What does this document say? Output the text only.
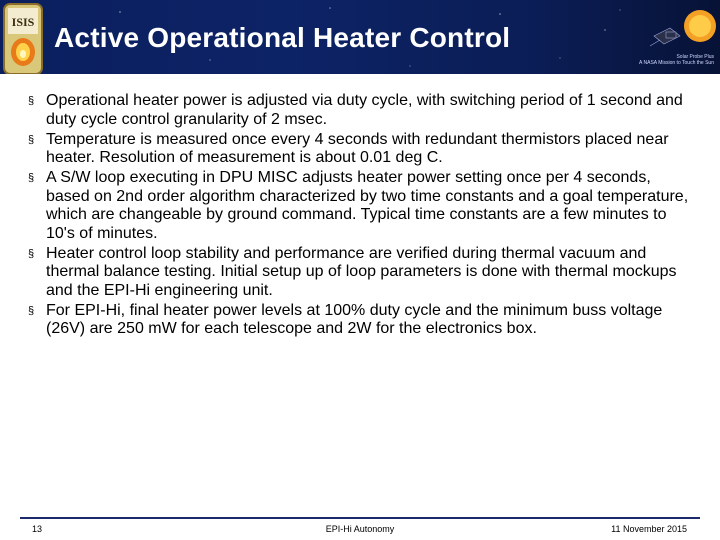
ISIS Active Operational Heater Control
Solar Probe Plus
A NASA Mission to Touch the Sun
§ Operational heater power is adjusted via duty cycle, with switching period of 1 second and duty cycle control granularity of 2 msec.
§ Temperature is measured once every 4 seconds with redundant thermistors placed near heater. Resolution of measurement is about 0.01 deg C.
§ A S/W loop executing in DPU MISC adjusts heater power setting once per 4 seconds, based on 2nd order algorithm characterized by two time constants and a goal temperature, which are changeable by ground command. Typical time constants are a few minutes to 10's of minutes.
§ Heater control loop stability and performance are verified during thermal vacuum and thermal balance testing. Initial setup up of loop parameters is done with thermal mockups and the EPI-Hi engineering unit.
§ For EPI-Hi, final heater power levels at 100% duty cycle and the minimum buss voltage (26V) are 250 mW for each telescope and 2W for the electronics box.
13	EPI-Hi Autonomy	11 November 2015
